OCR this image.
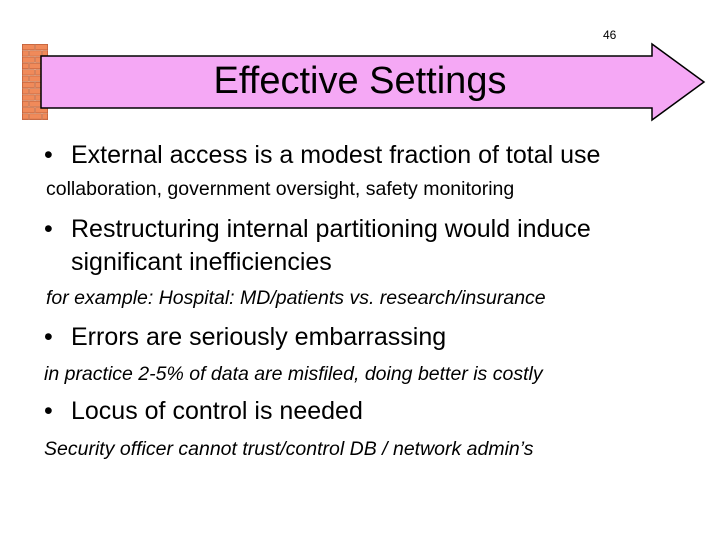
46
Effective Settings
• External access is a modest fraction of total use
collaboration, government oversight, safety monitoring
• Restructuring internal partitioning would induce
significant inefficiencies
for example: Hospital: MD/patients vs. research/insurance
• Errors are seriously embarrassing
in practice 2-5% of data are misfiled, doing better is costly
• Locus of control is needed
Security officer cannot trust/control DB / network admin’s
